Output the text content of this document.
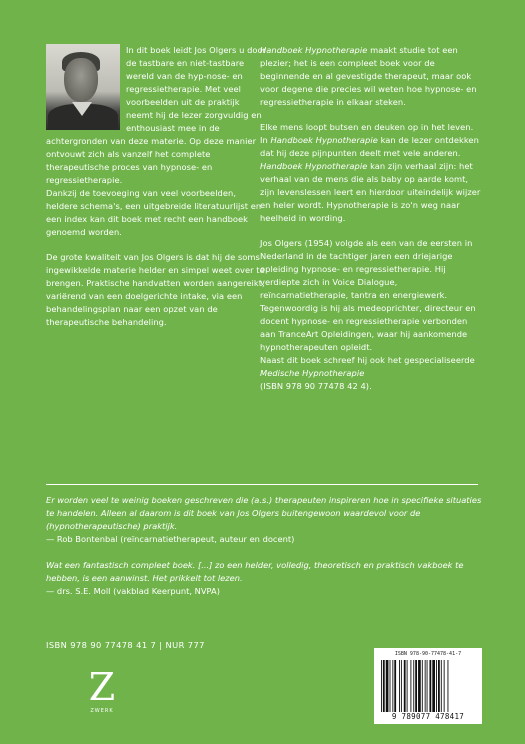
In dit boek leidt Jos Olgers u door de tastbare en niet-tastbare wereld van de hyp-nose- en regressietherapie. Met veel voorbeelden uit de praktijk neemt hij de lezer zorgvuldig en enthousiast mee in de achtergronden van deze materie. Op deze manier ontvouwt zich als vanzelf het complete therapeutische proces van hypnose- en regressietherapie.

Dankzij de toevoeging van veel voorbeelden, heldere schema's, een uitgebreide literatuurlijst en een index kan dit boek met recht een handboek genoemd worden.

De grote kwaliteit van Jos Olgers is dat hij de soms ingewikkelde materie helder en simpel weet over te brengen. Praktische handvatten worden aangereikt, variërend van een doelgerichte intake, via een behandelingsplan naar een opzet van de therapeutische behandeling.

Handboek Hypnotherapie maakt studie tot een plezier; het is een compleet boek voor de beginnende en al gevestigde therapeut, maar ook voor degene die precies wil weten hoe hypnose- en regressietherapie in elkaar steken.

Elke mens loopt butsen en deuken op in het leven. In Handboek Hypnotherapie kan de lezer ontdekken dat hij deze pijnpunten deelt met vele anderen. Handboek Hypnotherapie kan zijn verhaal zijn: het verhaal van de mens die als baby op aarde komt, zijn levenslessen leert en hierdoor uiteindelijk wijzer en heler wordt. Hypnotherapie is zo'n weg naar heelheid in wording.

Jos Olgers (1954) volgde als een van de eersten in Nederland in de tachtiger jaren een driejarige opleiding hypnose- en regressietherapie. Hij verdiepte zich in Voice Dialogue, reïncarnatietherapie, tantra en energiewerk. Tegenwoordig is hij als medeoprichter, directeur en docent hypnose- en regressietherapie verbonden aan TranceArt Opleidingen, waar hij aankomende hypnotherapeuten opleidt.

Naast dit boek schreef hij ook het gespecialiseerde Medische Hypnotherapie
(ISBN 978 90 77478 42 4).

Er worden veel te weinig boeken geschreven die (a.s.) therapeuten inspireren hoe in specifieke situaties te handelen. Alleen al daarom is dit boek van Jos Olgers buitengewoon waardevol voor de (hypnotherapeutische) praktijk.

— Rob Bontenbal (reïncarnatietherapeut, auteur en docent)

Wat een fantastisch compleet boek. [...] zo een helder, volledig, theoretisch en praktisch vakboek te hebben, is een aanwinst. Het prikkelt tot lezen.

— drs. S.E. Moll (vakblad Keerpunt, NVPA)

ISBN 978 90 77478 41 7 | NUR 777
Z
ZWERK
ISBN 978-90-77478-41-7
9 789077 478417
